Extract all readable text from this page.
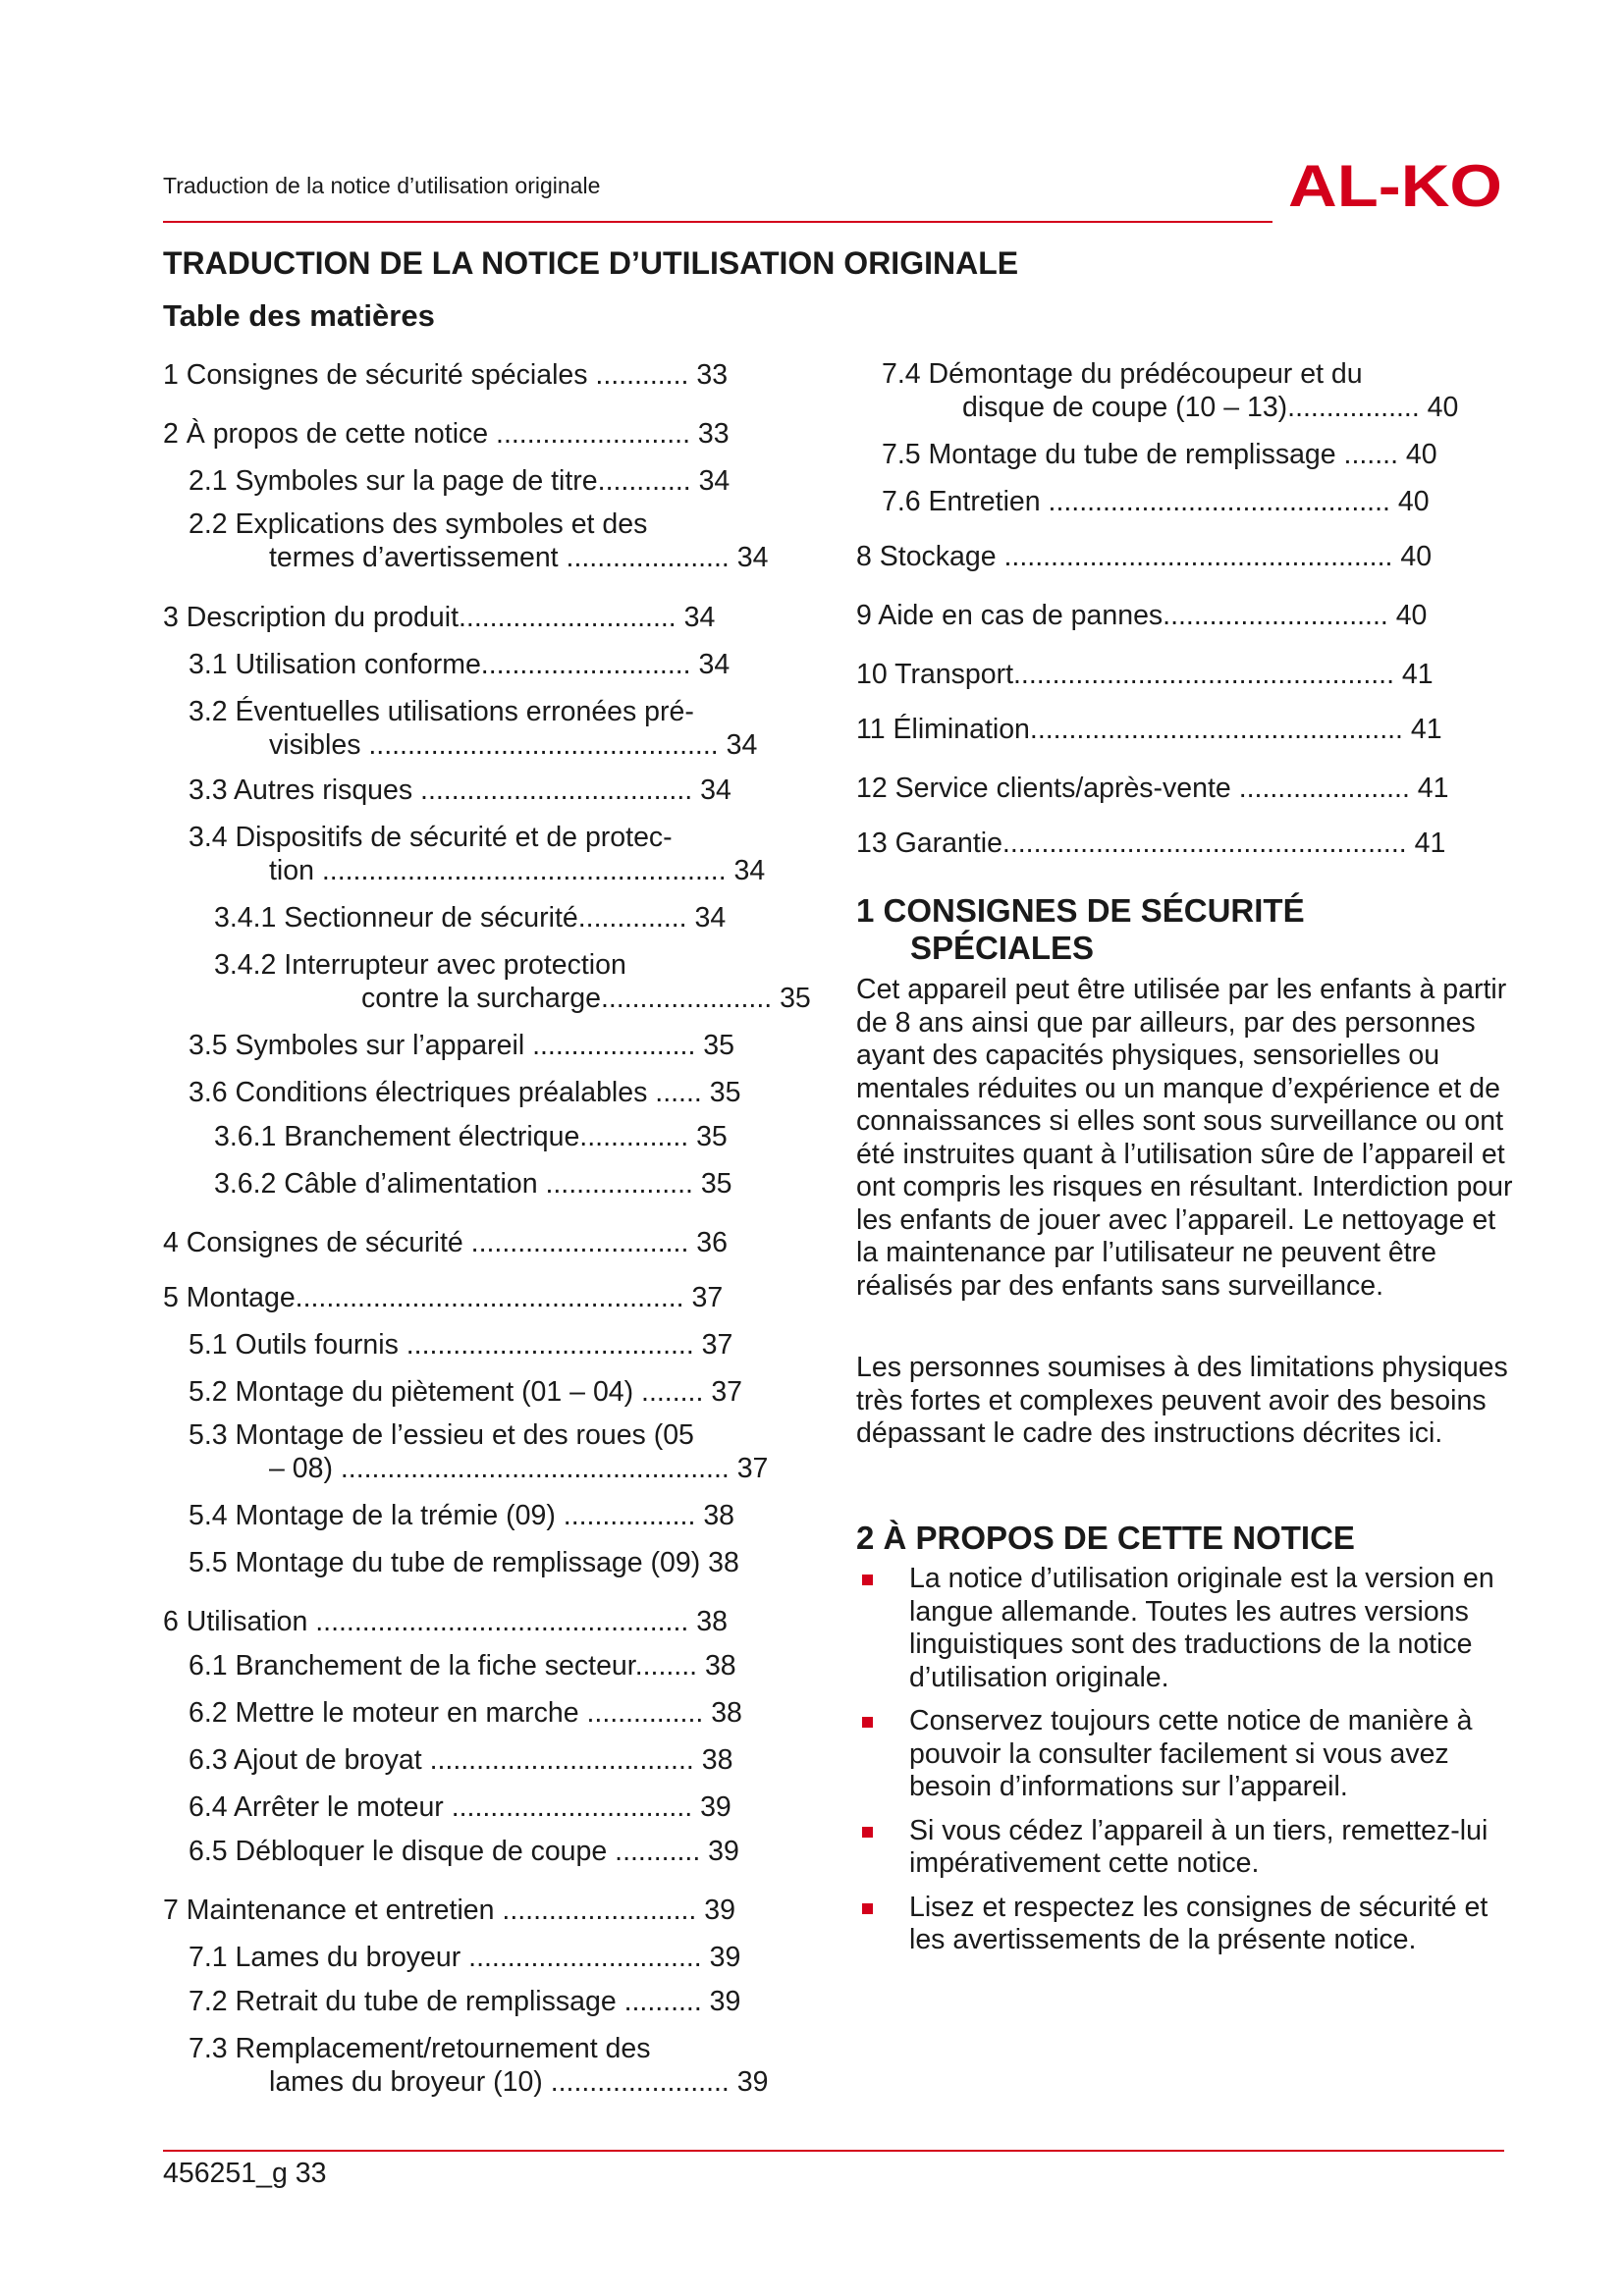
Traduction de la notice d’utilisation originale	AL-KO
TRADUCTION DE LA NOTICE D’UTILISATION ORIGINALE
Table des matières
1 Consignes de sécurité spéciales ............ 33
2 À propos de cette notice ......................... 33
2.1 Symboles sur la page de titre............ 34
2.2 Explications des symboles et des
termes d’avertissement ..................... 34
3 Description du produit............................ 34
3.1 Utilisation conforme........................... 34
3.2 Éventuelles utilisations erronées pré-
visibles ............................................. 34
3.3 Autres risques ................................... 34
3.4 Dispositifs de sécurité et de protec-
tion .................................................... 34
3.4.1 Sectionneur de sécurité.............. 34
3.4.2 Interrupteur avec protection
contre la surcharge...................... 35
3.5 Symboles sur l’appareil ..................... 35
3.6 Conditions électriques préalables ...... 35
3.6.1 Branchement électrique.............. 35
3.6.2 Câble d’alimentation ................... 35
4 Consignes de sécurité ............................ 36
5 Montage.................................................. 37
5.1 Outils fournis ..................................... 37
5.2 Montage du piètement (01 – 04) ........ 37
5.3 Montage de l’essieu et des roues (05
– 08) .................................................. 37
5.4 Montage de la trémie (09) ................. 38
5.5 Montage du tube de remplissage (09) 38
6 Utilisation ................................................ 38
6.1 Branchement de la fiche secteur........ 38
6.2 Mettre le moteur en marche ............... 38
6.3 Ajout de broyat .................................. 38
6.4 Arrêter le moteur ............................... 39
6.5 Débloquer le disque de coupe ........... 39
7 Maintenance et entretien ......................... 39
7.1 Lames du broyeur .............................. 39
7.2 Retrait du tube de remplissage .......... 39
7.3 Remplacement/retournement des
lames du broyeur (10) ....................... 39
7.4 Démontage du prédécoupeur et du
disque de coupe (10 – 13)................. 40
7.5 Montage du tube de remplissage ....... 40
7.6 Entretien ............................................ 40
8 Stockage .................................................. 40
9 Aide en cas de pannes............................. 40
10 Transport................................................. 41
11 Élimination................................................ 41
12 Service clients/après-vente ...................... 41
13 Garantie.................................................... 41
1 CONSIGNES DE SÉCURITÉ
SPÉCIALES

Cet appareil peut être utilisée par les enfants à partir de 8 ans ainsi que par ailleurs, par des personnes ayant des capacités physiques, sensorielles ou mentales réduites ou un manque d’expérience et de connaissances si elles sont sous surveillance ou ont été instruites quant à l’utilisation sûre de l’appareil et ont compris les risques en résultant. Interdiction pour les enfants de jouer avec l’appareil. Le nettoyage et la maintenance par l’utilisateur ne peuvent être réalisés par des enfants sans surveillance.

Les personnes soumises à des limitations physiques très fortes et complexes peuvent avoir des besoins dépassant le cadre des instructions décrites ici.

2 À PROPOS DE CETTE NOTICE
La notice d’utilisation originale est la version en langue allemande. Toutes les autres versions linguistiques sont des traductions de la notice d’utilisation originale.
Conservez toujours cette notice de manière à pouvoir la consulter facilement si vous avez besoin d’informations sur l’appareil.
Si vous cédez l’appareil à un tiers, remettez-lui impérativement cette notice.
Lisez et respectez les consignes de sécurité et les avertissements de la présente notice.
456251_g 33
